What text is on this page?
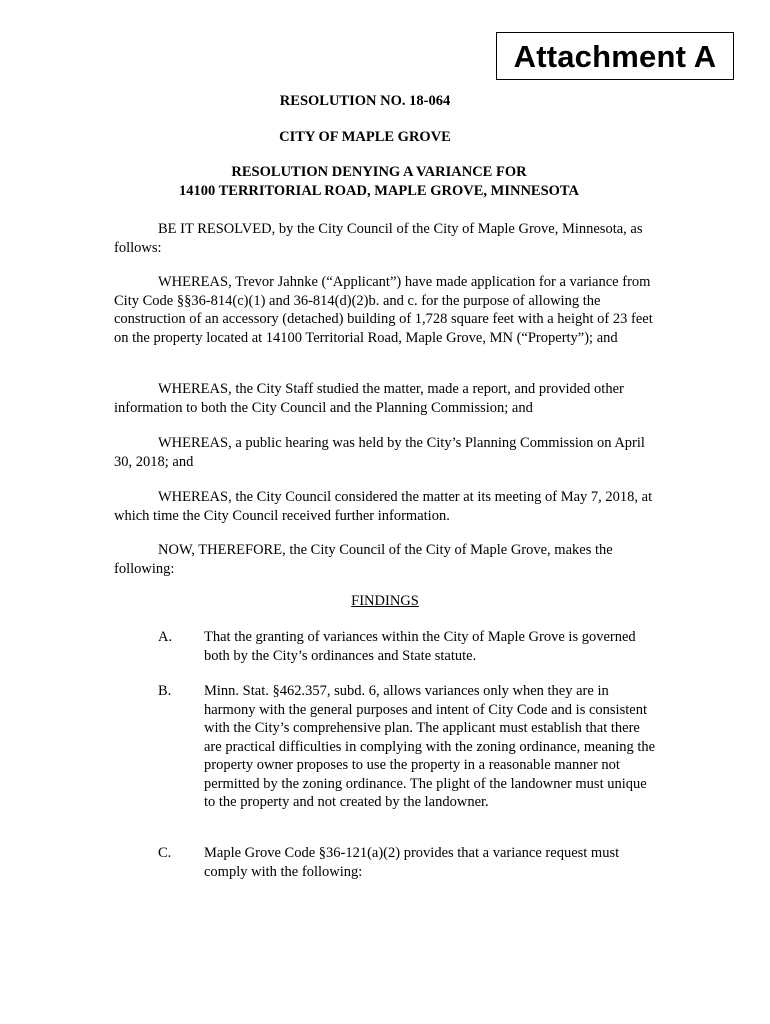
Attachment A
RESOLUTION NO. 18-064
CITY OF MAPLE GROVE
RESOLUTION DENYING A VARIANCE FOR
14100 TERRITORIAL ROAD, MAPLE GROVE, MINNESOTA

BE IT RESOLVED, by the City Council of the City of Maple Grove, Minnesota, as follows:

WHEREAS, Trevor Jahnke (“Applicant”) have made application for a variance from City Code §§36-814(c)(1) and 36-814(d)(2)b. and c. for the purpose of allowing the construction of an accessory (detached) building of 1,728 square feet with a height of 23 feet on the property located at 14100 Territorial Road, Maple Grove, MN (“Property”); and

WHEREAS, the City Staff studied the matter, made a report, and provided other information to both the City Council and the Planning Commission; and

WHEREAS, a public hearing was held by the City’s Planning Commission on April 30, 2018; and

WHEREAS, the City Council considered the matter at its meeting of May 7, 2018, at which time the City Council received further information.

NOW, THEREFORE, the City Council of the City of Maple Grove, makes the following:

FINDINGS
A. That the granting of variances within the City of Maple Grove is governed both by the City’s ordinances and State statute.
B. Minn. Stat. §462.357, subd. 6, allows variances only when they are in harmony with the general purposes and intent of City Code and is consistent with the City’s comprehensive plan. The applicant must establish that there are practical difficulties in complying with the zoning ordinance, meaning the property owner proposes to use the property in a reasonable manner not permitted by the zoning ordinance. The plight of the landowner must unique to the property and not created by the landowner.
C. Maple Grove Code §36-121(a)(2) provides that a variance request must comply with the following:
